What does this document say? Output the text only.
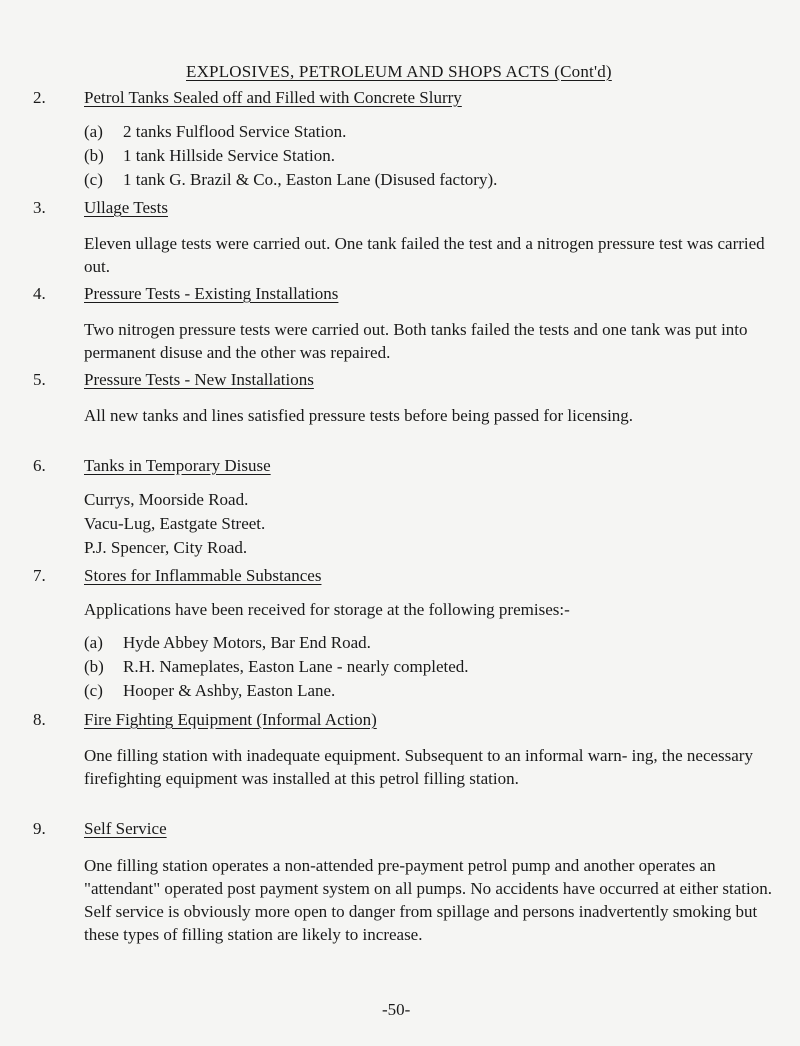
EXPLOSIVES, PETROLEUM AND SHOPS ACTS (Cont'd)
2. Petrol Tanks Sealed off and Filled with Concrete Slurry
(a) 2 tanks Fulflood Service Station.
(b) 1 tank Hillside Service Station.
(c) 1 tank G. Brazil & Co., Easton Lane (Disused factory).
3. Ullage Tests
Eleven ullage tests were carried out. One tank failed the test and a nitrogen pressure test was carried out.
4. Pressure Tests - Existing Installations
Two nitrogen pressure tests were carried out. Both tanks failed the tests and one tank was put into permanent disuse and the other was repaired.
5. Pressure Tests - New Installations
All new tanks and lines satisfied pressure tests before being passed for licensing.
6. Tanks in Temporary Disuse
Currys, Moorside Road.
Vacu-Lug, Eastgate Street.
P.J. Spencer, City Road.
7. Stores for Inflammable Substances
Applications have been received for storage at the following premises:-
(a) Hyde Abbey Motors, Bar End Road.
(b) R.H. Nameplates, Easton Lane - nearly completed.
(c) Hooper & Ashby, Easton Lane.
8. Fire Fighting Equipment (Informal Action)
One filling station with inadequate equipment. Subsequent to an informal warn- ing, the necessary firefighting equipment was installed at this petrol filling station.
9. Self Service
One filling station operates a non-attended pre-payment petrol pump and another operates an "attendant" operated post payment system on all pumps. No accidents have occurred at either station. Self service is obviously more open to danger from spillage and persons inadvertently smoking but these types of filling station are likely to increase.
-50-
